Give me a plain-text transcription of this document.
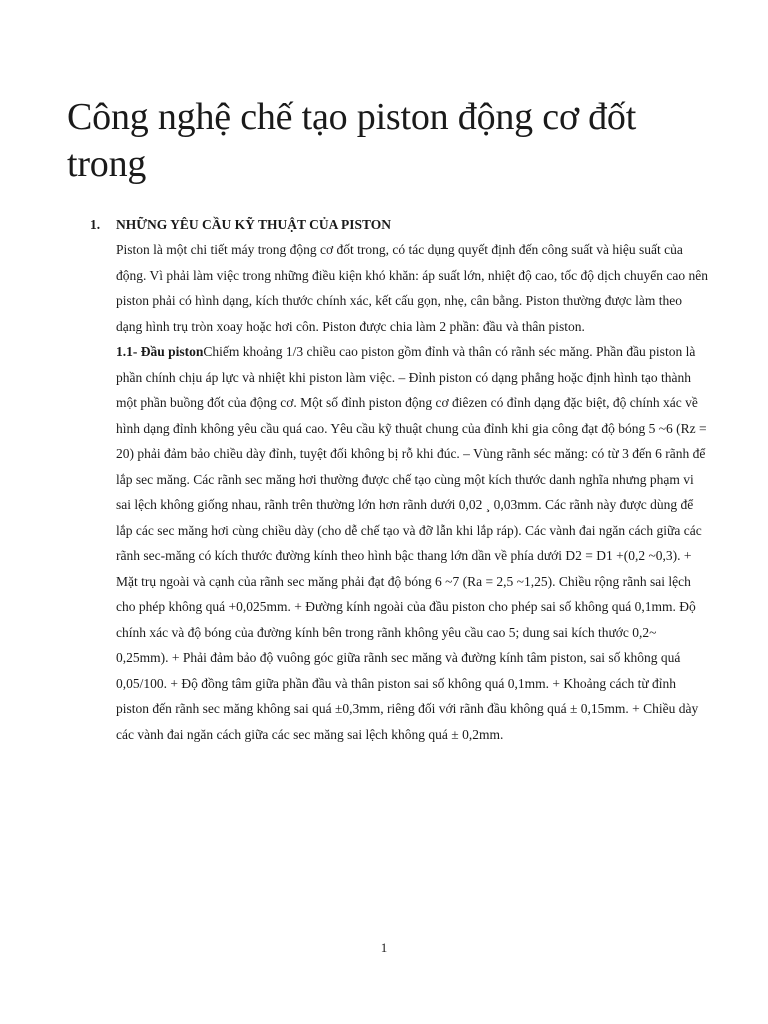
Công nghệ chế tạo piston động cơ đốt trong
1. NHỮNG YÊU CẦU KỸ THUẬT CỦA PISTON

Piston là một chi tiết máy trong động cơ đốt trong, có tác dụng quyết định đến công suất và hiệu suất của động. Vì phải làm việc trong những điều kiện khó khăn: áp suất lớn, nhiệt độ cao, tốc độ dịch chuyển cao nên piston phải có hình dạng, kích thước chính xác, kết cấu gọn, nhẹ, cân bằng. Piston thường được làm theo dạng hình trụ tròn xoay hoặc hơi côn. Piston được chia làm 2 phần: đầu và thân piston.

1.1- Đầu pistonChiếm khoảng 1/3 chiều cao piston gồm đỉnh và thân có rãnh séc măng. Phần đầu piston là phần chính chịu áp lực và nhiệt khi piston làm việc. – Đỉnh piston có dạng phẳng hoặc định hình tạo thành một phần buồng đốt của động cơ. Một số đỉnh piston động cơ điêzen có đỉnh dạng đặc biệt, độ chính xác về hình dạng đỉnh không yêu cầu quá cao. Yêu cầu kỹ thuật chung của đỉnh khi gia công đạt độ bóng 5 ~6 (Rz = 20) phải đảm bảo chiều dày đỉnh, tuyệt đối không bị rỗ khi đúc. – Vùng rãnh séc măng: có từ 3 đến 6 rãnh để lắp sec măng. Các rãnh sec măng hơi thường được chế tạo cùng một kích thước danh nghĩa nhưng phạm vi sai lệch không giống nhau, rãnh trên thường lớn hơn rãnh dưới 0,02 ¸ 0,03mm. Các rãnh này được dùng để lắp các sec măng hơi cùng chiều dày (cho dễ chế tạo và đỡ lẫn khi lắp ráp). Các vành đai ngăn cách giữa các rãnh sec-măng có kích thước đường kính theo hình bậc thang lớn dần về phía dưới D2 = D1 +(0,2 ~0,3). + Mặt trụ ngoài và cạnh của rãnh sec măng phải đạt độ bóng 6 ~7 (Ra = 2,5 ~1,25). Chiều rộng rãnh sai lệch cho phép không quá +0,025mm. + Đường kính ngoài của đầu piston cho phép sai số không quá 0,1mm. Độ chính xác và độ bóng của đường kính bên trong rãnh không yêu cầu cao 5; dung sai kích thước 0,2~ 0,25mm). + Phải đảm bảo độ vuông góc giữa rãnh sec măng và đường kính tâm piston, sai số không quá 0,05/100. + Độ đồng tâm giữa phần đầu và thân piston sai số không quá 0,1mm. + Khoảng cách từ đỉnh piston đến rãnh sec măng không sai quá ±0,3mm, riêng đối với rãnh đầu không quá ± 0,15mm. + Chiều dày các vành đai ngăn cách giữa các sec măng sai lệch không quá ± 0,2mm.

1
